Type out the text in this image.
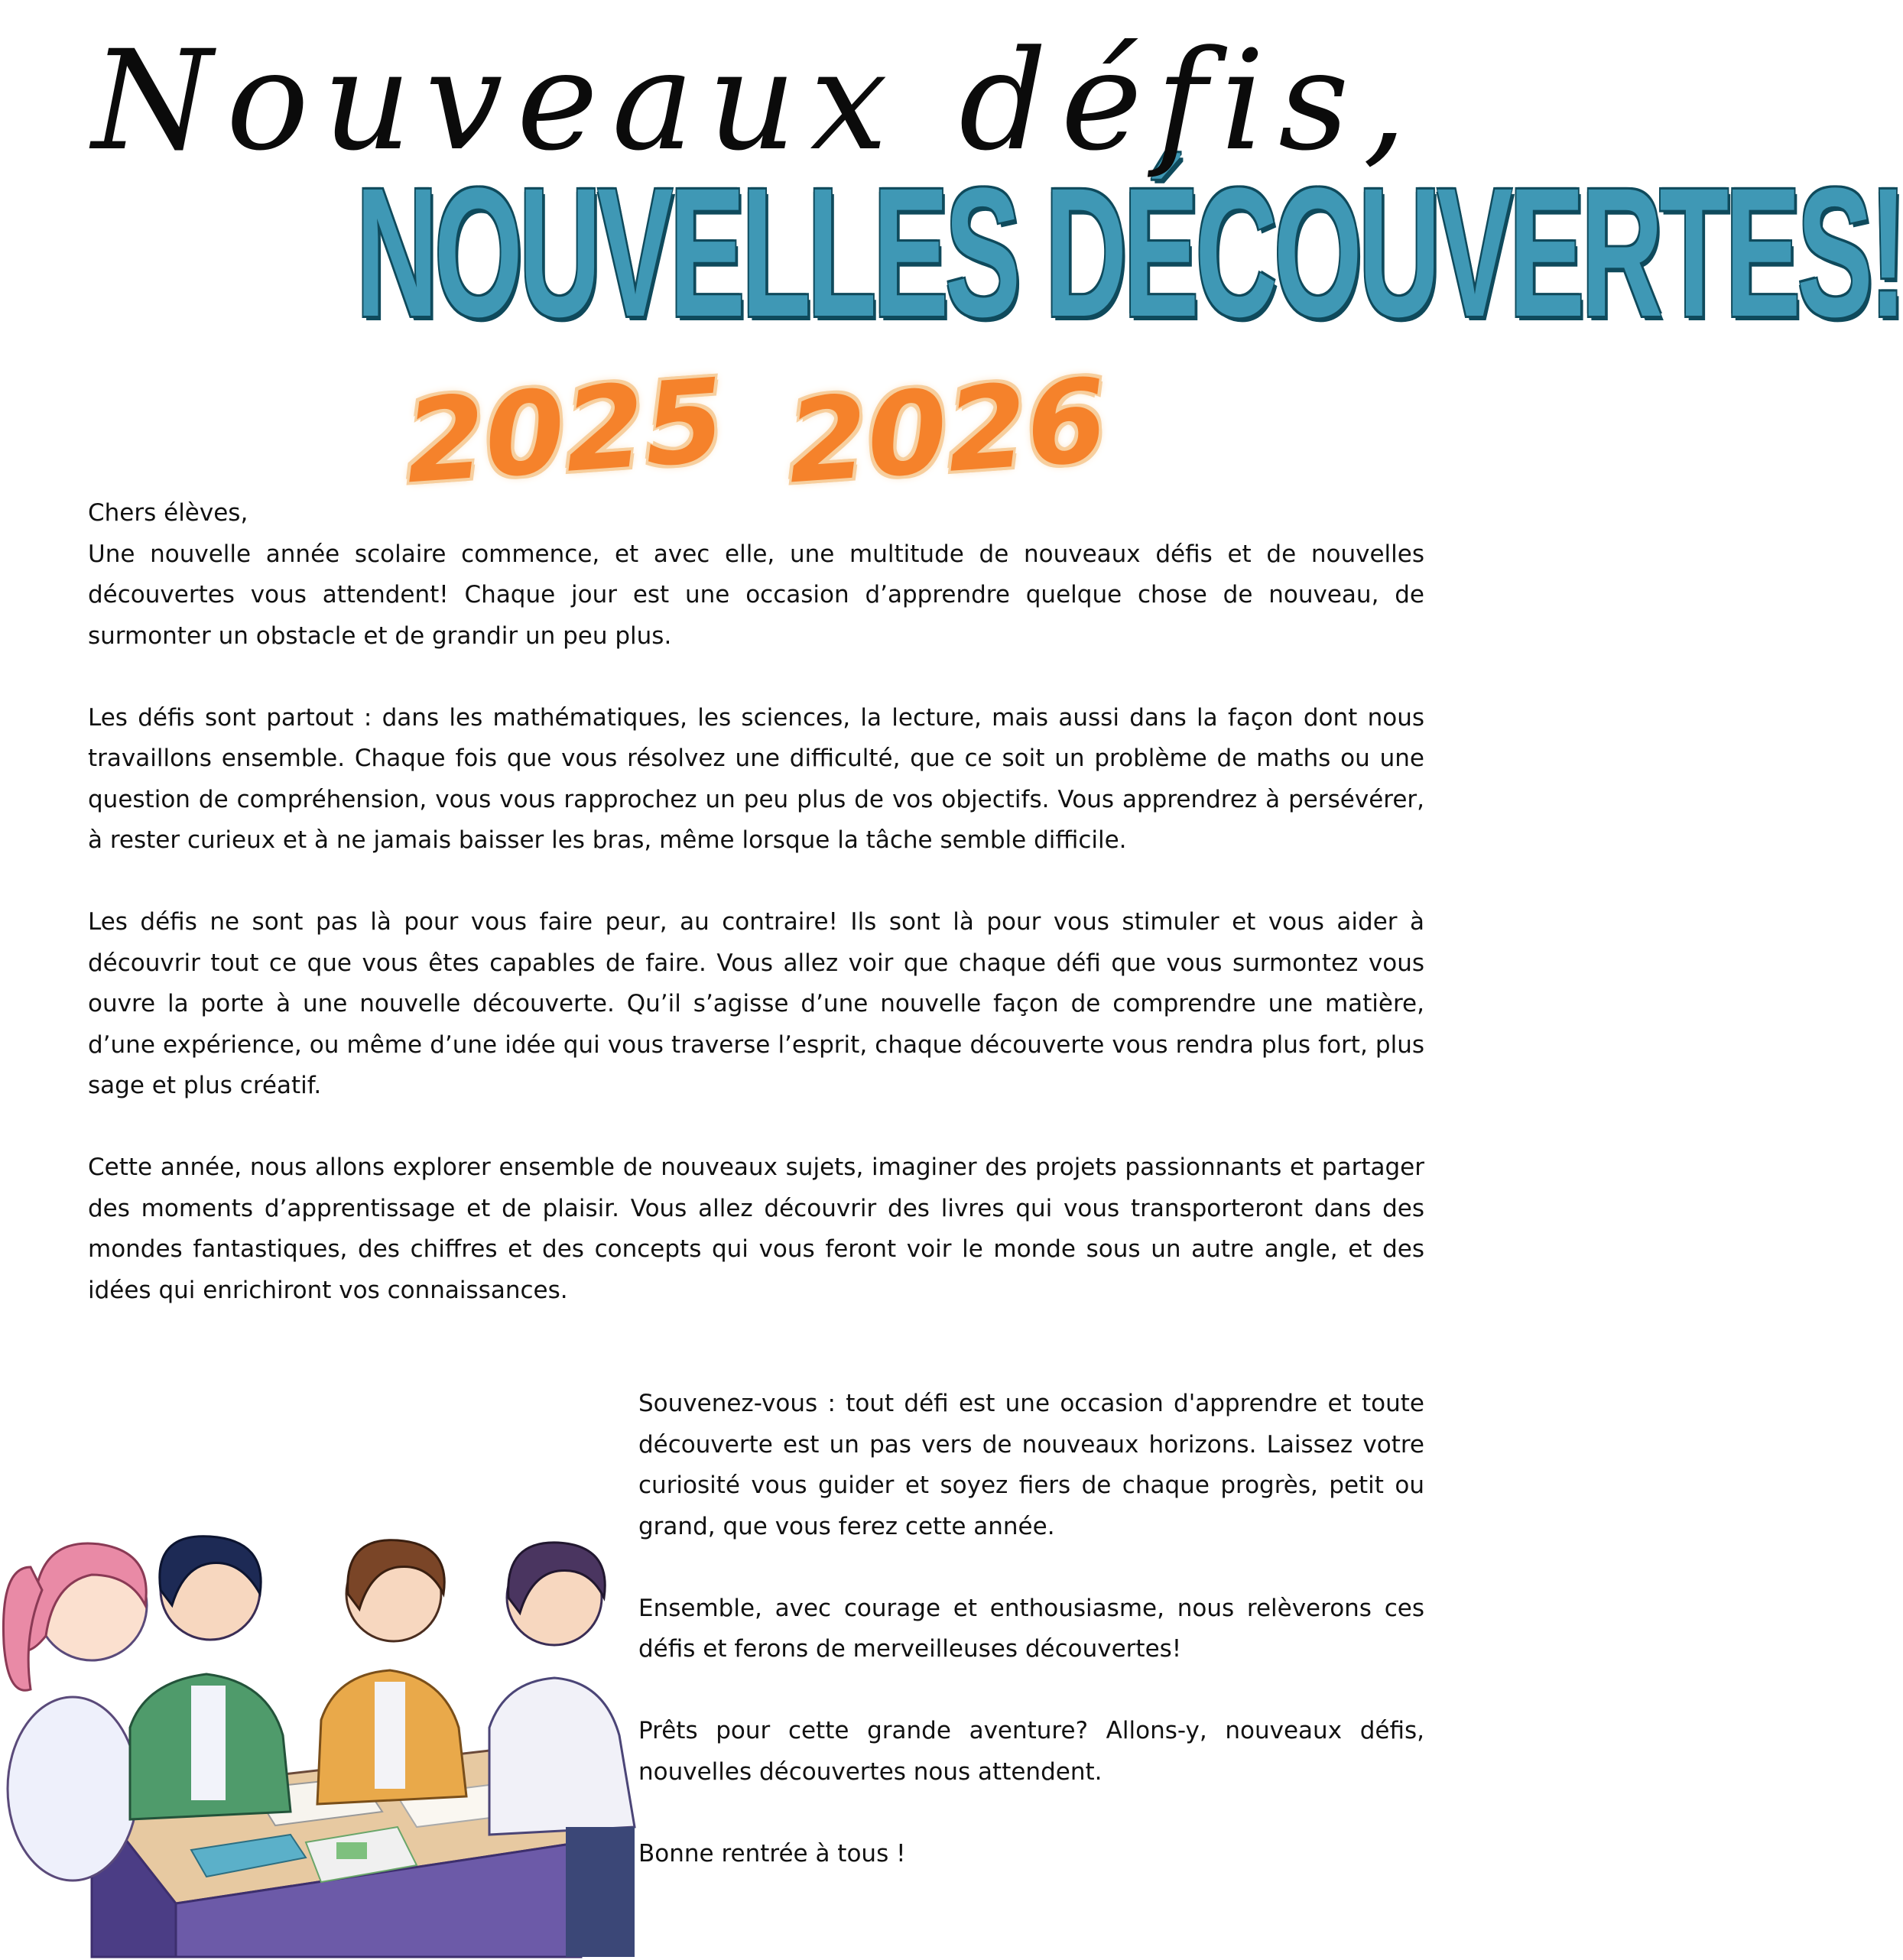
Nouveaux défis,
NOUVELLES DÉCOUVERTES!
2025 2026

Chers élèves,

Une nouvelle année scolaire commence, et avec elle, une multitude de nouveaux défis et de nouvelles découvertes vous attendent! Chaque jour est une occasion d’apprendre quelque chose de nouveau, de surmonter un obstacle et de grandir un peu plus.

Les défis sont partout : dans les mathématiques, les sciences, la lecture, mais aussi dans la façon dont nous travaillons ensemble. Chaque fois que vous résolvez une difficulté, que ce soit un problème de maths ou une question de compréhension, vous vous rapprochez un peu plus de vos objectifs. Vous apprendrez à persévérer, à rester curieux et à ne jamais baisser les bras, même lorsque la tâche semble difficile.

Les défis ne sont pas là pour vous faire peur, au contraire! Ils sont là pour vous stimuler et vous aider à découvrir tout ce que vous êtes capables de faire. Vous allez voir que chaque défi que vous surmontez vous ouvre la porte à une nouvelle découverte. Qu’il s’agisse d’une nouvelle façon de comprendre une matière, d’une expérience, ou même d’une idée qui vous traverse l’esprit, chaque découverte vous rendra plus fort, plus sage et plus créatif.

Cette année, nous allons explorer ensemble de nouveaux sujets, imaginer des projets passionnants et partager des moments d’apprentissage et de plaisir. Vous allez découvrir des livres qui vous transporteront dans des mondes fantastiques, des chiffres et des concepts qui vous feront voir le monde sous un autre angle, et des idées qui enrichiront vos connaissances.

Souvenez-vous : tout défi est une occasion d'apprendre et toute découverte est un pas vers de nouveaux horizons. Laissez votre curiosité vous guider et soyez fiers de chaque progrès, petit ou grand, que vous ferez cette année.

Ensemble, avec courage et enthousiasme, nous relèverons ces défis et ferons de merveilleuses découvertes!

Prêts pour cette grande aventure? Allons-y, nouveaux défis, nouvelles découvertes nous attendent.

Bonne rentrée à tous !
